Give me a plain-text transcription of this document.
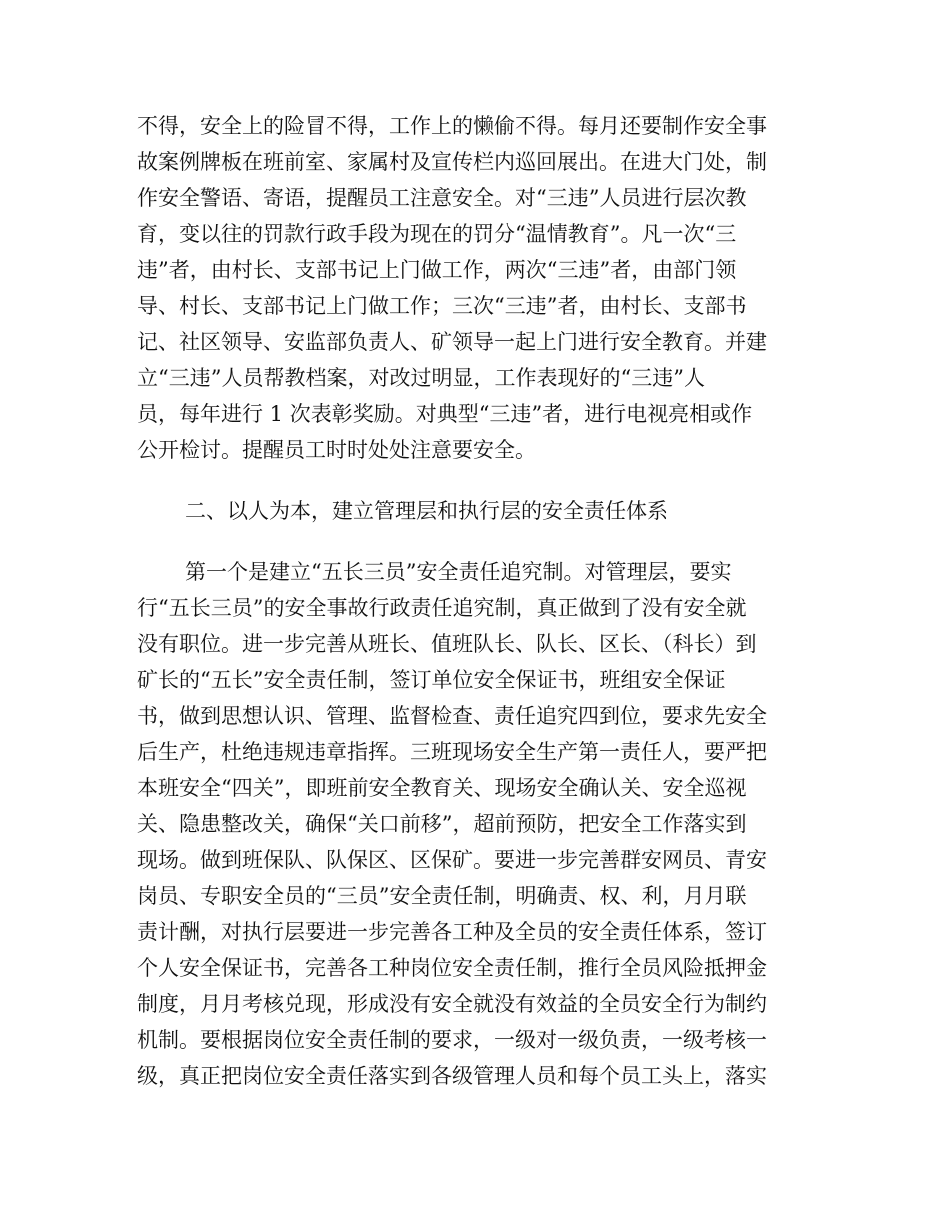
不得，安全上的险冒不得，工作上的懒偷不得。每月还要制作安全事
故案例牌板在班前室、家属村及宣传栏内巡回展出。在进大门处，制
作安全警语、寄语，提醒员工注意安全。对“三违”人员进行层次教
育，变以往的罚款行政手段为现在的罚分“温情教育”。凡一次“三
违”者，由村长、支部书记上门做工作，两次“三违”者，由部门领
导、村长、支部书记上门做工作；三次“三违”者，由村长、支部书
记、社区领导、安监部负责人、矿领导一起上门进行安全教育。并建
立“三违”人员帮教档案，对改过明显，工作表现好的“三违”人
员，每年进行 1 次表彰奖励。对典型“三违”者，进行电视亮相或作
公开检讨。提醒员工时时处处注意要安全。
二、以人为本，建立管理层和执行层的安全责任体系
第一个是建立“五长三员”安全责任追究制。对管理层，要实
行“五长三员”的安全事故行政责任追究制，真正做到了没有安全就
没有职位。进一步完善从班长、值班队长、队长、区长、（科长）到
矿长的“五长”安全责任制，签订单位安全保证书，班组安全保证
书，做到思想认识、管理、监督检查、责任追究四到位，要求先安全
后生产，杜绝违规违章指挥。三班现场安全生产第一责任人，要严把
本班安全“四关”，即班前安全教育关、现场安全确认关、安全巡视
关、隐患整改关，确保“关口前移”，超前预防，把安全工作落实到
现场。做到班保队、队保区、区保矿。要进一步完善群安网员、青安
岗员、专职安全员的“三员”安全责任制，明确责、权、利，月月联
责计酬，对执行层要进一步完善各工种及全员的安全责任体系，签订
个人安全保证书，完善各工种岗位安全责任制，推行全员风险抵押金
制度，月月考核兑现，形成没有安全就没有效益的全员安全行为制约
机制。要根据岗位安全责任制的要求，一级对一级负责，一级考核一
级，真正把岗位安全责任落实到各级管理人员和每个员工头上，落实
